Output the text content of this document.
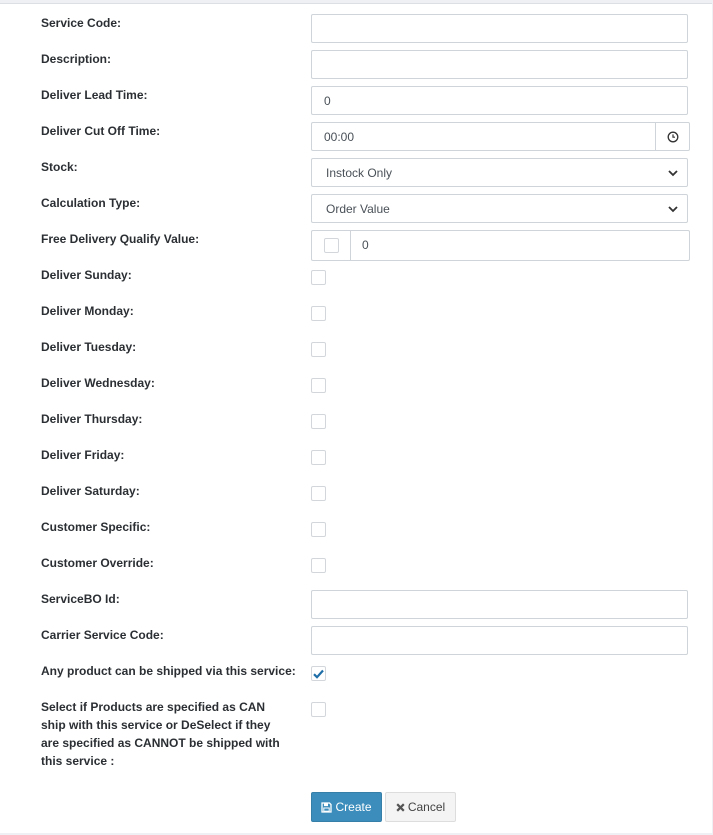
Service Code:
Description:
Deliver Lead Time:	0
Deliver Cut Off Time:	00:00
Stock:	Instock Only
Calculation Type:	Order Value
Free Delivery Qualify Value:	0
Deliver Sunday:
Deliver Monday:
Deliver Tuesday:
Deliver Wednesday:
Deliver Thursday:
Deliver Friday:
Deliver Saturday:
Customer Specific:
Customer Override:
ServiceBO Id:
Carrier Service Code:
Any product can be shipped via this service:
Select if Products are specified as CAN ship with this service or DeSelect if they are specified as CANNOT be shipped with this service :
Create	Cancel
